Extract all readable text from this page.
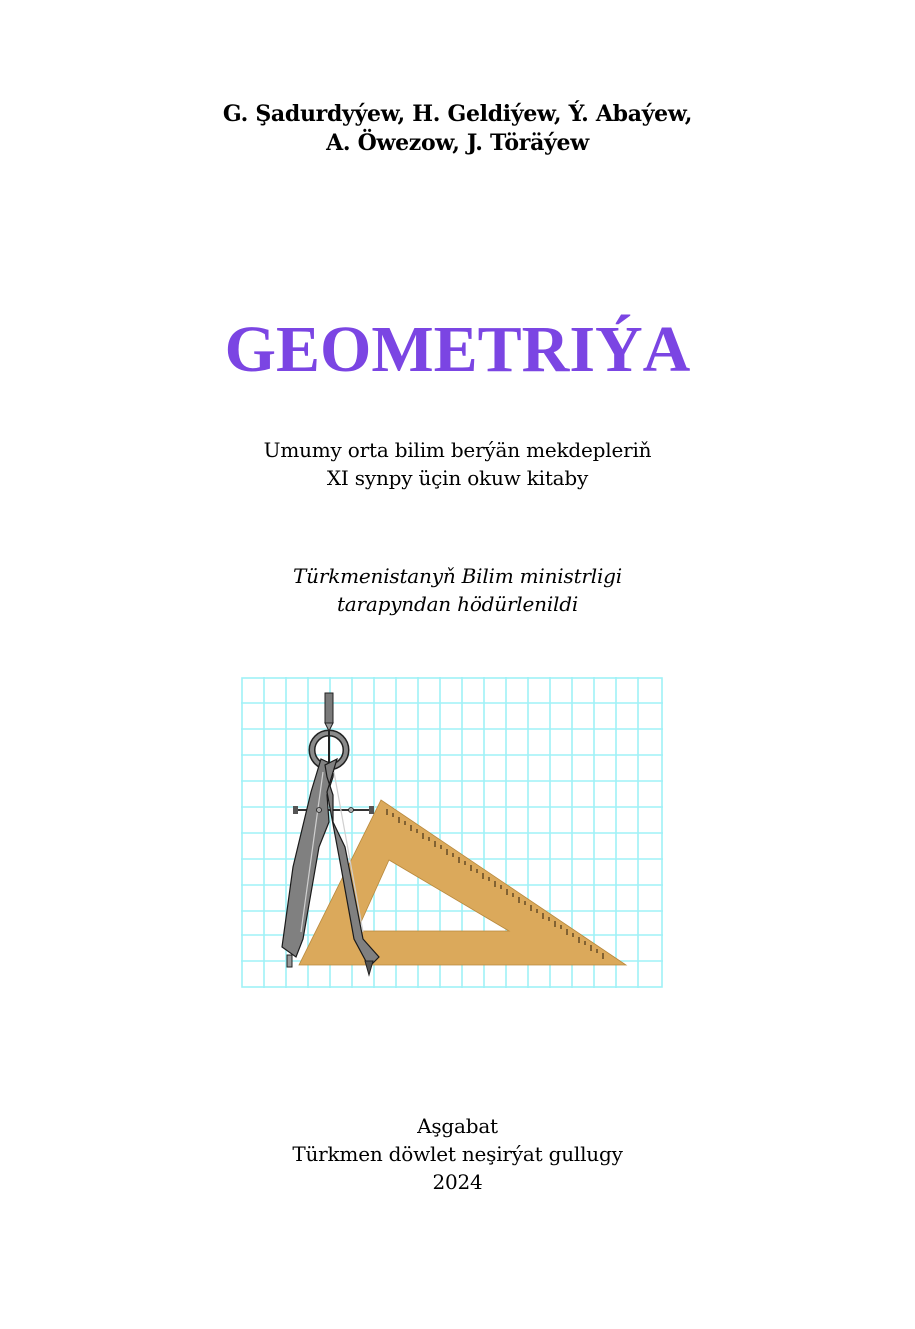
G. Şadurdyýew, H. Geldiýew, Ý. Abaýew,
A. Öwezow, J. Töräýew
GEOMETRIÝA
Umumy orta bilim berýän mekdepleriň
XI synpy üçin okuw kitaby
Türkmenistanyň Bilim ministrligi
tarapyndan hödürlenildi
Aşgabat
Türkmen döwlet neşirýat gullugy
2024
